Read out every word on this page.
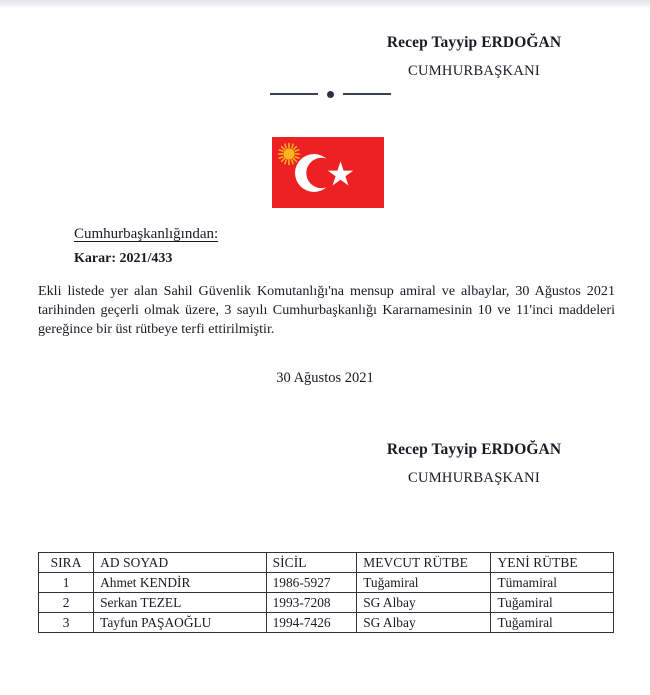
Recep Tayyip ERDOĞAN
CUMHURBAŞKANI
Cumhurbaşkanlığından:
Karar: 2021/433
Ekli listede yer alan Sahil Güvenlik Komutanlığı'na mensup amiral ve albaylar, 30 Ağustos 2021 tarihinden geçerli olmak üzere, 3 sayılı Cumhurbaşkanlığı Kararnamesinin 10 ve 11'inci maddeleri gereğince bir üst rütbeye terfi ettirilmiştir.
30 Ağustos 2021
Recep Tayyip ERDOĞAN
CUMHURBAŞKANI
SIRA	AD SOYAD	SİCİL	MEVCUT RÜTBE	YENİ RÜTBE
1	Ahmet KENDİR	1986-5927	Tuğamiral	Tümamiral
2	Serkan TEZEL	1993-7208	SG Albay	Tuğamiral
3	Tayfun PAŞAOĞLU	1994-7426	SG Albay	Tuğamiral
